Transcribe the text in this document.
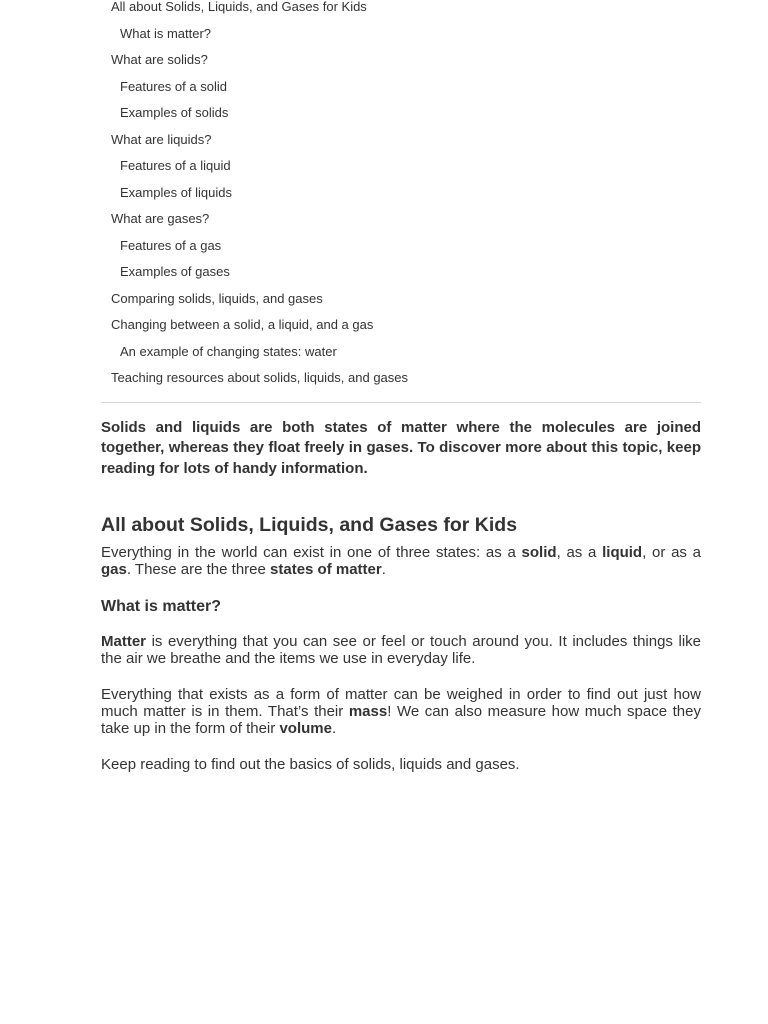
All about Solids, Liquids, and Gases for Kids
What is matter?
What are solids?
Features of a solid
Examples of solids
What are liquids?
Features of a liquid
Examples of liquids
What are gases?
Features of a gas
Examples of gases
Comparing solids, liquids, and gases
Changing between a solid, a liquid, and a gas
An example of changing states: water
Teaching resources about solids, liquids, and gases

Solids and liquids are both states of matter where the molecules are joined together, whereas they float freely in gases. To discover more about this topic, keep reading for lots of handy information.

All about Solids, Liquids, and Gases for Kids

Everything in the world can exist in one of three states: as a solid, as a liquid, or as a gas. These are the three states of matter.

What is matter?

Matter is everything that you can see or feel or touch around you. It includes things like the air we breathe and the items we use in everyday life.

Everything that exists as a form of matter can be weighed in order to find out just how much matter is in them. That’s their mass! We can also measure how much space they take up in the form of their volume.

Keep reading to find out the basics of solids, liquids and gases.
